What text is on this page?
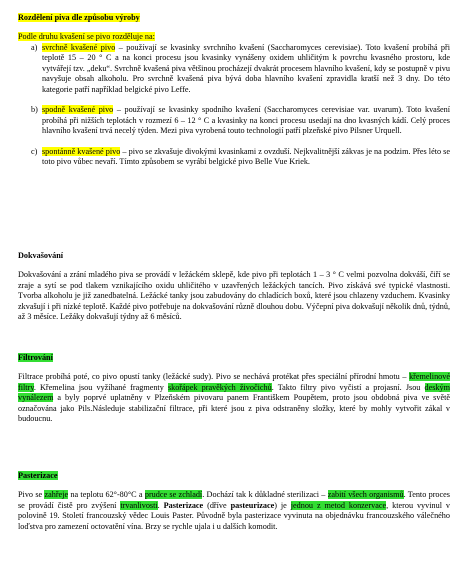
Rozdělení piva dle způsobu výroby

Podle druhu kvašení se pivo rozděluje na:

a) svrchně kvašené pivo – používají se kvasinky svrchního kvašení (Saccharomyces cerevisiae). Toto kvašení probíhá při teplotě 15 – 20 ° C a na konci procesu jsou kvasinky vynášeny oxidem uhličitým k povrchu kvasného prostoru, kde vytvářejí tzv. „deku“. Svrchně kvašená piva většinou procházejí dvakrát procesem hlavního kvašení, kdy se postupně v pivu navyšuje obsah alkoholu. Pro svrchně kvašená piva bývá doba hlavního kvašení zpravidla kratší než 3 dny. Do této kategorie patří například belgické pivo Leffe.

b) spodně kvašené pivo – používají se kvasinky spodního kvašení (Saccharomyces cerevisiae var. uvarum). Toto kvašení probíhá při nižších teplotách v rozmezí 6 – 12 ° C a kvasinky na konci procesu usedají na dno kvasných kádí. Celý proces hlavního kvašení trvá necelý týden. Mezi piva vyrobená touto technologií patří plzeňské pivo Pilsner Urquell.

c) spontánně kvašené pivo – pivo se zkvašuje divokými kvasinkami z ovzduší. Nejkvalitnější zákvas je na podzim. Přes léto se toto pivo vůbec nevaří. Tímto způsobem se vyrábí belgické pivo Belle Vue Kriek.

Dokvašování

Dokvašování a zrání mladého piva se provádí v ležáckém sklepě, kde pivo při teplotách 1 – 3 ° C velmi pozvolna dokváší, čiří se zraje a sytí se pod tlakem vznikajícího oxidu uhličitého v uzavřených ležáckých tancích. Pivo získává své typické vlastnosti. Tvorba alkoholu je již zanedbatelná. Ležácké tanky jsou zabudovány do chladících boxů, které jsou chlazeny vzduchem. Kvasinky zkvašují i při nízké teplotě. Každé pivo potřebuje na dokvašování různě dlouhou dobu. Výčepní piva dokvašují několik dnů, týdnů, až 3 měsíce. Ležáky dokvašují týdny až 6 měsíců.

Filtrování

Filtrace probíhá poté, co pivo opustí tanky (ležácké sudy). Pivo se nechává protékat přes speciální přírodní hmotu – křemelinové filtry. Křemelina jsou vyžíhané fragmenty skořápek pravěkých živočichů. Takto filtry pivo vyčistí a projasní. Jsou deským vynálezem a byly poprvé uplatněny v Plzeňském pivovaru panem Františkem Poupětem, proto jsou obdobná piva ve světě označována jako Pils.Následuje stabilizační filtrace, při které jsou z piva odstraněny složky, které by mohly vytvořit zákal v budoucnu.

Pasterizace

Pivo se zahřeje na teplotu 62°-80°C a prudce se zchladí. Dochází tak k důkladné sterilizaci – zabití všech organismů. Tento proces se provádí čistě pro zvýšení trvanlivosti. Pasterizace (dříve pasteurizace) je jednou z metod konzervace, kterou vyvinul v polovině 19. Století francouzský vědec Louis Paster. Původně byla pasterizace vyvinuta na objednávku francouzského válečného loďstva pro zamezení octovatění vína. Brzy se rychle ujala i u dalších komodit.
